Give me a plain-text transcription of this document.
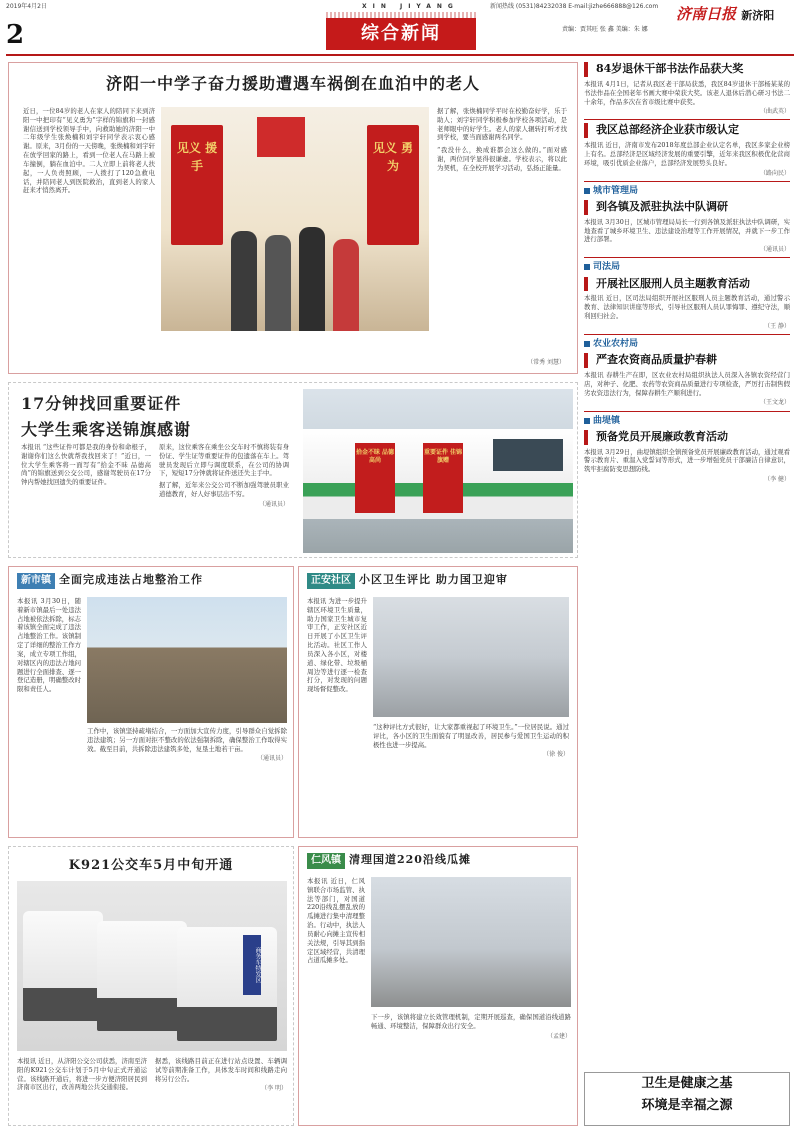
2019年4月2日	XIN JIYANG	新闻热线 (0531)84232038 E-mail:jizhe666888@126.com
2	综合新闻
济南日报 新济阳
责编：贾其旺 张 鑫 美编：朱 娜
济阳一中学子奋力援助遭遇车祸倒在血泊中的老人

近日，一位84岁的老人在家人的陪同下来到济阳一中把印有“见义勇为”字样的锦旗和一封感谢信送到学校领导手中，向救助她的济阳一中二年级学生张焕楠和刘宇轩同学表示衷心感谢。原来，3月份的一天傍晚，张焕楠和刘宇轩在放学回家的路上，看到一位老人在马路上被车撞倒，躺在血泊中。二人立即上前将老人扶起，一人负责照顾，一人拨打了120急救电话，并陪同老人到医院救治，直到老人的家人赶来才悄然离开。

见义 援手
见义 勇为

据了解，张焕楠同学平时在校勤奋好学，乐于助人；刘宇轩同学积极参加学校各项活动，是老师眼中的好学生。老人的家人辗转打听才找到学校，要当面感谢两名同学。

“我没什么，换成谁都会这么做的。”面对感谢，两位同学显得很谦虚。学校表示，将以此为契机，在全校开展学习活动，弘扬正能量。

（常秀 刘慧）
17分钟找回重要证件
大学生乘客送锦旗感谢

本报讯 “这些证件可都是我的身份和命根子，谢谢你们这么快就帮我找回来了！”近日，一位大学生乘客将一面写有“拾金不昧 品德高尚”的锦旗送到公交公司，感谢驾驶员在17分钟内帮她找回遗失的重要证件。

原来，这位乘客在乘坐公交车时不慎将装有身份证、学生证等重要证件的包遗落在车上。驾驶员发现后立即与调度联系，在公司的协调下，短短17分钟就将证件送还失主手中。

据了解，近年来公交公司不断加强驾驶员职业道德教育，好人好事层出不穷。

（通讯员）
拾金不昧 品德高尚
重要证件 佳锦旗赠
新市镇 全面完成违法占地整治工作

本报讯 3月30日，随着新市镇最后一处违法占地被依法拆除，标志着该镇全面完成了违法占地整治工作。该镇制定了详细的整治工作方案，成立专项工作组，对辖区内的违法占地问题进行全面排查、逐一登记造册，明确整改时限和责任人。

工作中，该镇坚持疏堵结合，一方面加大宣传力度，引导群众自觉拆除违法建筑；另一方面对拒不整改的依法强制拆除，确保整治工作取得实效。截至目前，共拆除违法建筑多处，复垦土地若干亩。

（通讯员）
正安社区 小区卫生评比 助力国卫迎审

本报讯 为进一步提升辖区环境卫生质量，助力国家卫生城市复审工作，正安社区近日开展了小区卫生评比活动。社区工作人员深入各小区，对楼道、绿化带、垃圾桶周边等进行逐一检查打分，对发现的问题现场督促整改。

“这种评比方式很好，让大家都重视起了环境卫生。”一位居民说。通过评比，各小区的卫生面貌有了明显改善，居民参与爱国卫生运动的积极性也进一步提高。

（徐 俊）
K921公交车5月中旬开通
商务车特发区

本报讯 近日，从济阳公交公司获悉，济南至济阳的K921公交车计划于5月中旬正式开通运营。该线路开通后，将进一步方便济阳居民到济南市区出行，改善两地公共交通衔接。

据悉，该线路目前正在进行站点设置、车辆调试等前期准备工作，具体发车时间和线路走向将另行公告。

（李 明）
仁风镇 清理国道220沿线瓜摊

本报讯 近日，仁风镇联合市场监管、执法等部门，对国道220沿线乱摆乱放的瓜摊进行集中清理整治。行动中，执法人员耐心向摊主宣传相关法规，引导其到指定区域经营，共清理占道瓜摊多处。

下一步，该镇将建立长效管理机制，定期开展巡查，确保国道沿线道路畅通、环境整洁，保障群众出行安全。

（孟建）
84岁退休干部书法作品获大奖

本报讯 4月1日，记者从我区老干部局获悉，我区84岁退休干部杨某某的书法作品在全国老年书画大赛中荣获大奖。该老人退休后潜心研习书法二十余年，作品多次在省市级比赛中获奖。

（曲武英）
我区总部经济企业获市级认定

本报讯 近日，济南市发布2018年度总部企业认定名单，我区多家企业榜上有名。总部经济是区域经济发展的重要引擎，近年来我区积极优化营商环境，吸引优质企业落户，总部经济发展势头良好。

（路向民）
城市管理局
到各镇及派驻执法中队调研

本报讯 3月30日，区城市管理局局长一行到各镇及派驻执法中队调研，实地查看了城乡环境卫生、违法建设治理等工作开展情况，并就下一步工作进行部署。

（通讯员）
司法局
开展社区服刑人员主题教育活动

本报讯 近日，区司法局组织开展社区服刑人员主题教育活动，通过警示教育、法律知识讲座等形式，引导社区服刑人员认罪悔罪、遵纪守法，顺利回归社会。

（王 静）
农业农村局
严查农资商品质量护春耕

本报讯 春耕生产在即，区农业农村局组织执法人员深入各镇农资经营门店，对种子、化肥、农药等农资商品质量进行专项检查，严厉打击制售假劣农资违法行为，保障春耕生产顺利进行。

（王文龙）
曲堤镇
预备党员开展廉政教育活动

本报讯 3月29日，曲堤镇组织全镇预备党员开展廉政教育活动，通过观看警示教育片、重温入党誓词等形式，进一步增强党员干部廉洁自律意识，筑牢拒腐防变思想防线。

（李 健）
卫生是健康之基
环境是幸福之源
